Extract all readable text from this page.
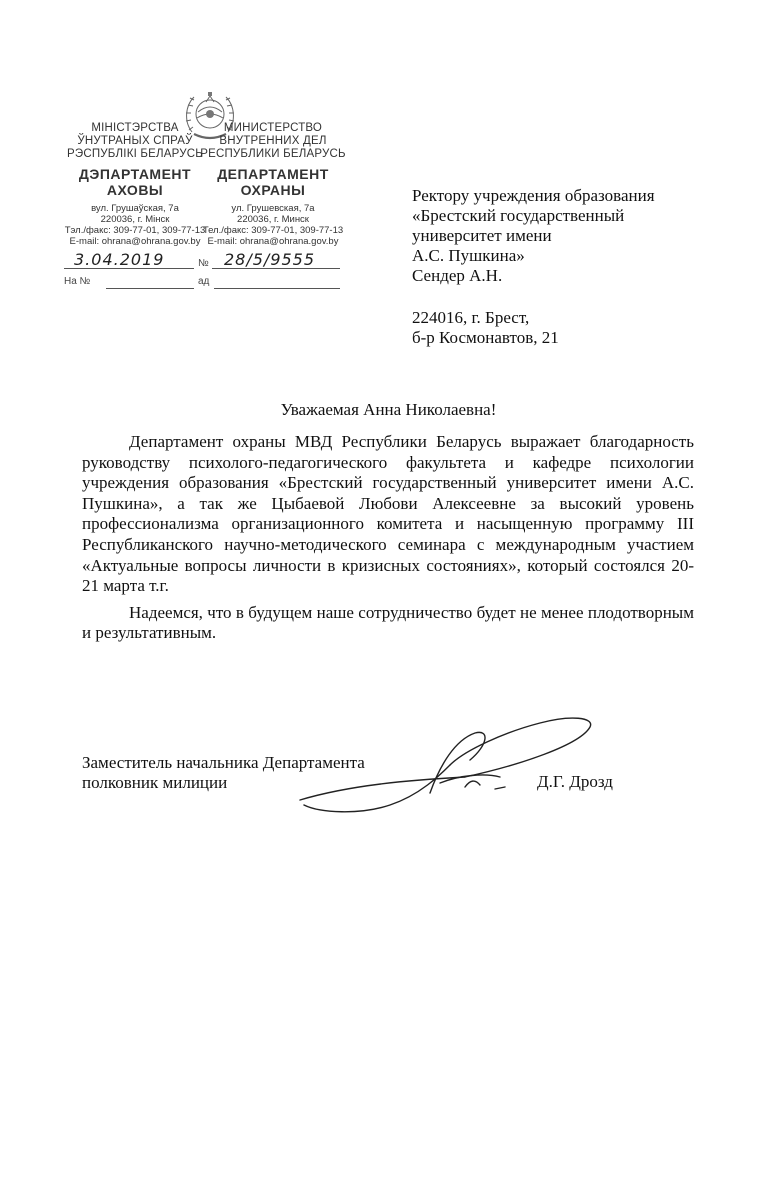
МІНІСТЭРСТВА
ЎНУТРАНЫХ СПРАЎ
РЭСПУБЛІКІ БЕЛАРУСЬ
ДЭПАРТАМЕНТ
АХОВЫ
вул. Грушаўская, 7а
220036, г. Мінск
Тэл./факс: 309-77-01, 309-77-13
E-mail: ohrana@ohrana.gov.by
МИНИСТЕРСТВО
ВНУТРЕННИХ ДЕЛ
РЕСПУБЛИКИ БЕЛАРУСЬ
ДЕПАРТАМЕНТ
ОХРАНЫ
ул. Грушевская, 7а
220036, г. Минск
Тел./факс: 309-77-01, 309-77-13
E-mail: ohrana@ohrana.gov.by
3.04.2019	№ 28/5/9555
На №	ад
Ректору учреждения образования
«Брестский государственный
университет имени
А.С. Пушкина»
Сендер А.Н.
224016, г. Брест,
б-р Космонавтов, 21
Уважаемая Анна Николаевна!

Департамент охраны МВД Республики Беларусь выражает благодарность руководству психолого-педагогического факультета и кафедре психологии учреждения образования «Брестский государственный университет имени А.С. Пушкина», а так же Цыбаевой Любови Алексеевне за высокий уровень профессионализма организационного комитета и насыщенную программу III Республиканского научно-методического семинара с международным участием «Актуальные вопросы личности в кризисных состояниях», который состоялся 20-21 марта т.г.

Надеемся, что в будущем наше сотрудничество будет не менее плодотворным и результативным.

Заместитель начальника Департамента
полковник милиции	Д.Г. Дрозд
